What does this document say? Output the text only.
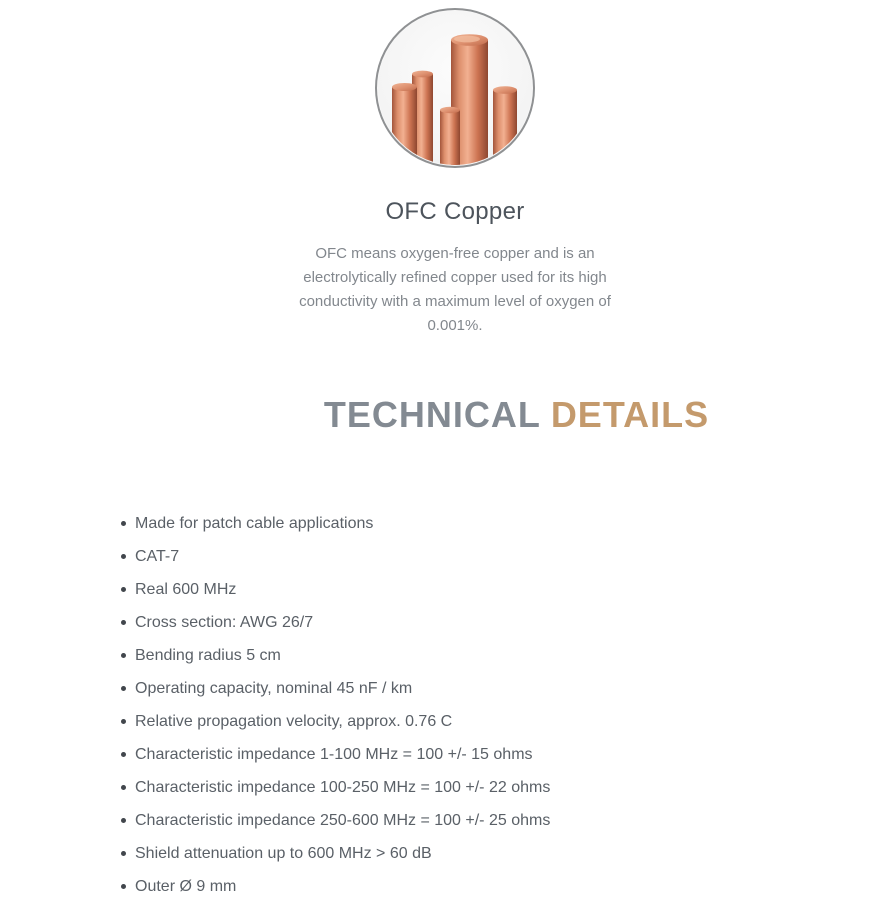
OFC Copper

OFC means oxygen-free copper and is an electrolytically refined copper used for its high conductivity with a maximum level of oxygen of 0.001%.

TECHNICAL DETAILS
Made for patch cable applications
CAT-7
Real 600 MHz
Cross section: AWG 26/7
Bending radius 5 cm
Operating capacity, nominal 45 nF / km
Relative propagation velocity, approx. 0.76 C
Characteristic impedance 1-100 MHz = 100 +/- 15 ohms
Characteristic impedance 100-250 MHz = 100 +/- 22 ohms
Characteristic impedance 250-600 MHz = 100 +/- 25 ohms
Shield attenuation up to 600 MHz > 60 dB
Outer Ø 9 mm
